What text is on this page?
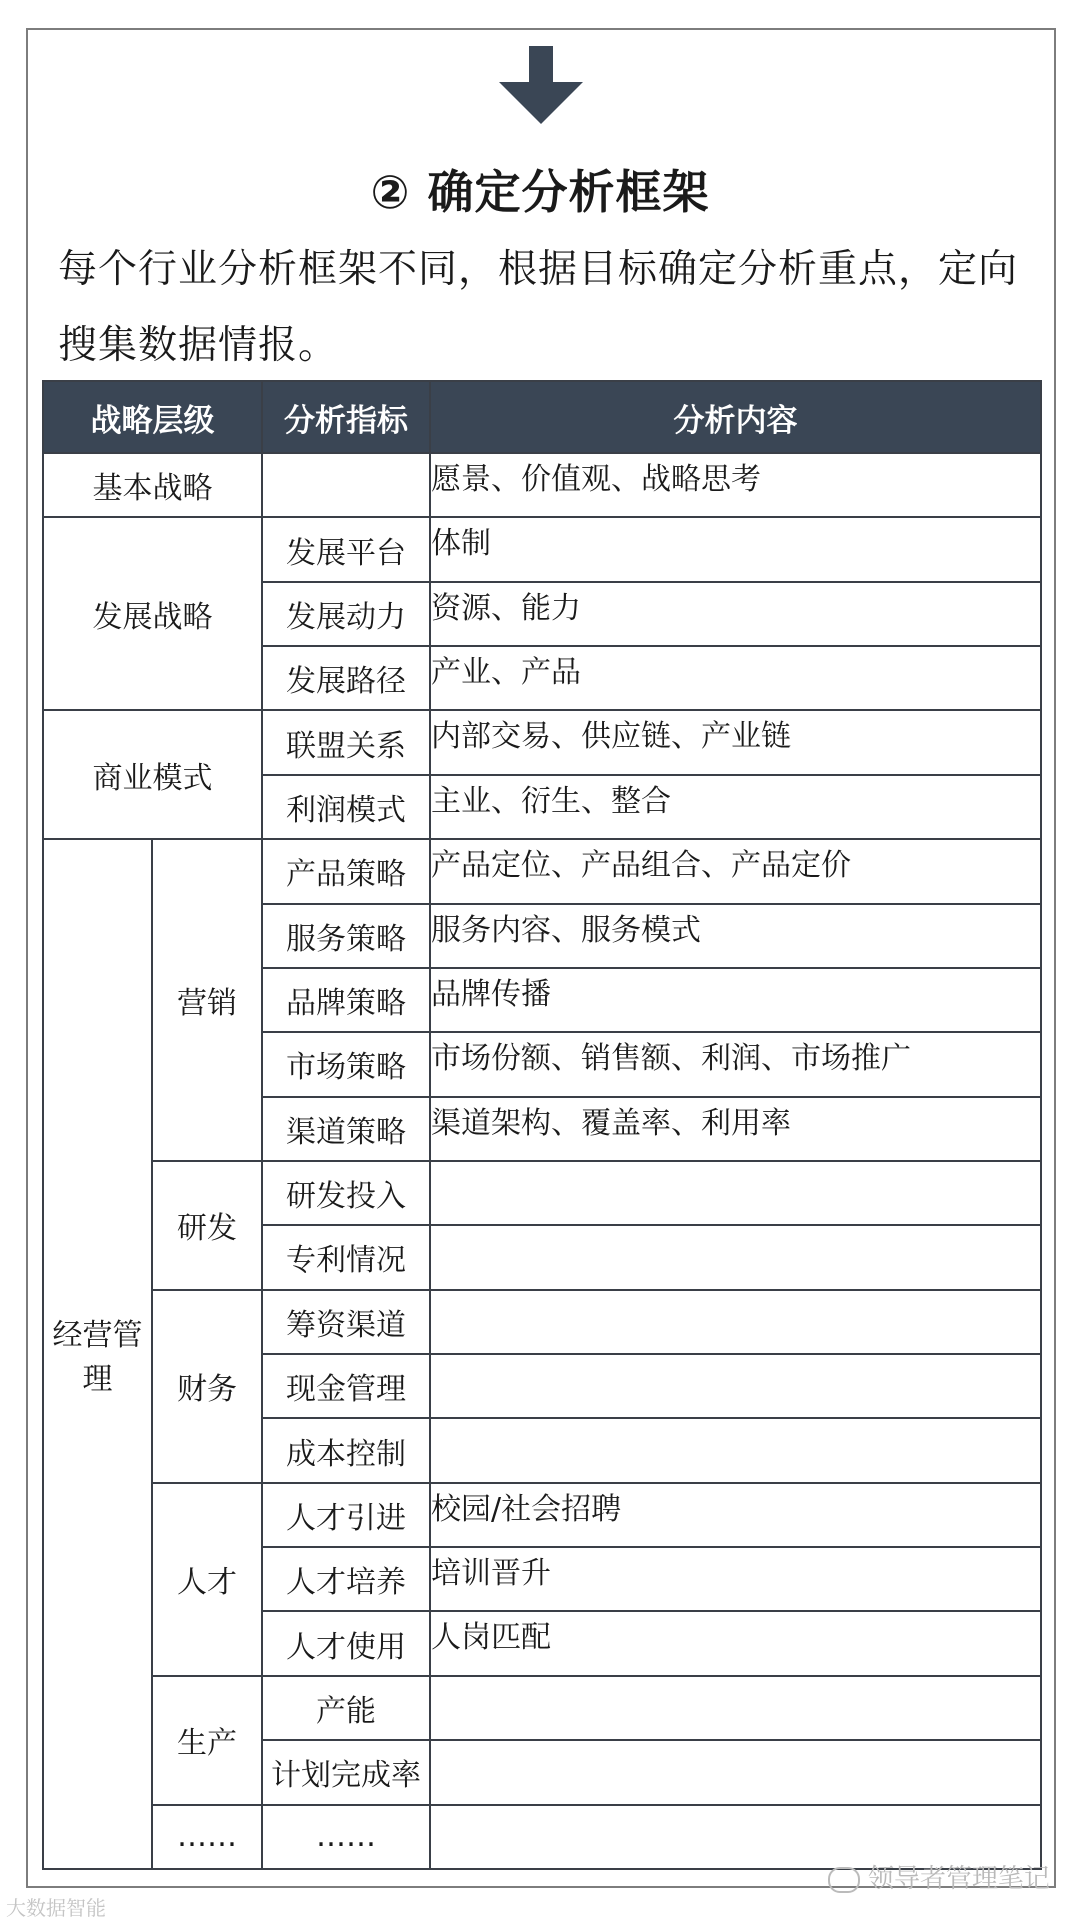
② 确定分析框架
每个行业分析框架不同，根据目标确定分析重点，定向搜集数据情报。
战略层级		分析指标	分析内容
基本战略			愿景、价值观、战略思考
发展战略		发展平台	体制
		发展动力	资源、能力
		发展路径	产业、产品
商业模式		联盟关系	内部交易、供应链、产业链
		利润模式	主业、衍生、整合
经营管理	营销	产品策略	产品定位、产品组合、产品定价
		服务策略	服务内容、服务模式
		品牌策略	品牌传播
		市场策略	市场份额、销售额、利润、市场推广
		渠道策略	渠道架构、覆盖率、利用率
	研发	研发投入	
		专利情况	
	财务	筹资渠道	
		现金管理	
		成本控制	
	人才	人才引进	校园/社会招聘
		人才培养	培训晋升
		人才使用	人岗匹配
	生产	产能	
		计划完成率	
	……	……	
领导者管理笔记
大数据智能
